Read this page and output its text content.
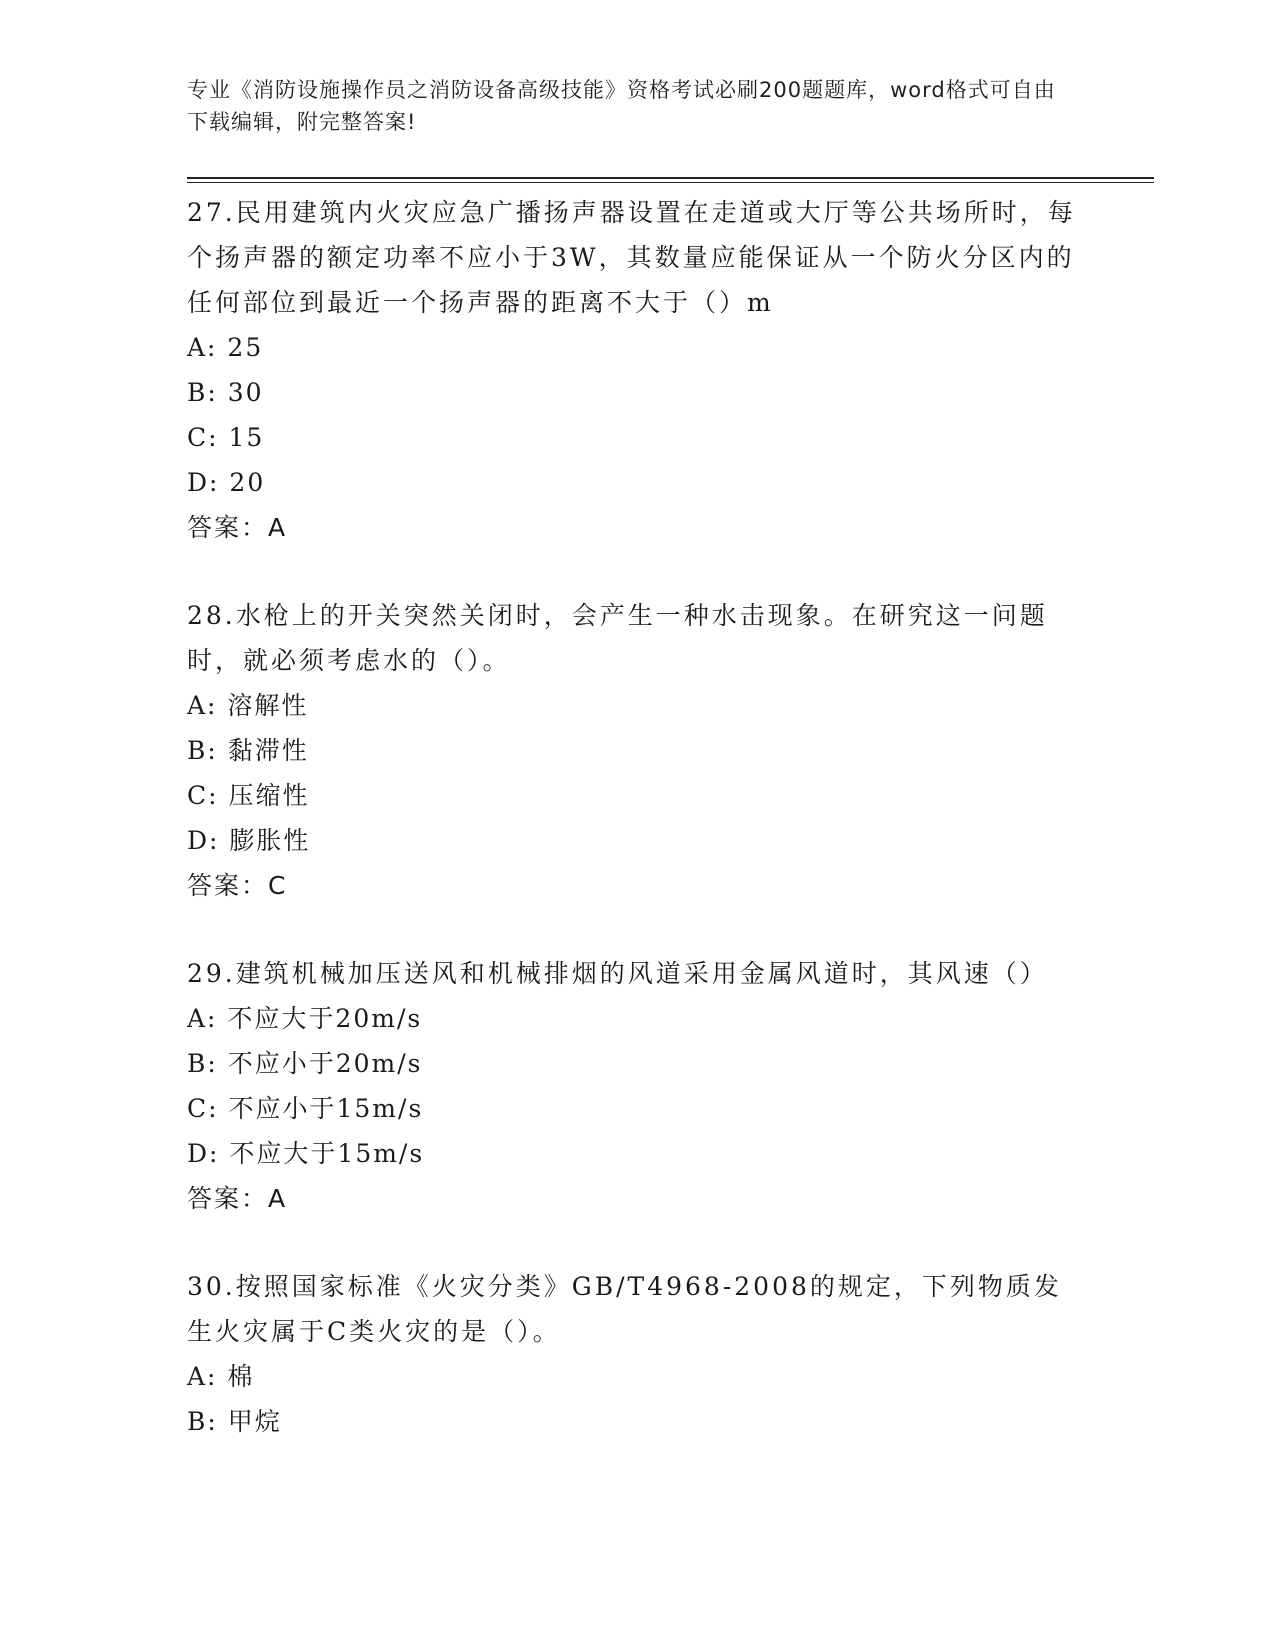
专业《消防设施操作员之消防设备高级技能》资格考试必刷200题题库，word格式可自由下载编辑，附完整答案!

27.民用建筑内火灾应急广播扬声器设置在走道或大厅等公共场所时，每个扬声器的额定功率不应小于3W，其数量应能保证从一个防火分区内的任何部位到最近一个扬声器的距离不大于（）m

A: 25

B: 30

C: 15

D: 20

答案：A

28.水枪上的开关突然关闭时，会产生一种水击现象。在研究这一问题时，就必须考虑水的（）。

A: 溶解性

B: 黏滞性

C: 压缩性

D: 膨胀性

答案：C

29.建筑机械加压送风和机械排烟的风道采用金属风道时，其风速（）

A: 不应大于20m/s

B: 不应小于20m/s

C: 不应小于15m/s

D: 不应大于15m/s

答案：A

30.按照国家标准《火灾分类》GB/T4968-2008的规定，下列物质发生火灾属于C类火灾的是（）。

A: 棉

B: 甲烷
